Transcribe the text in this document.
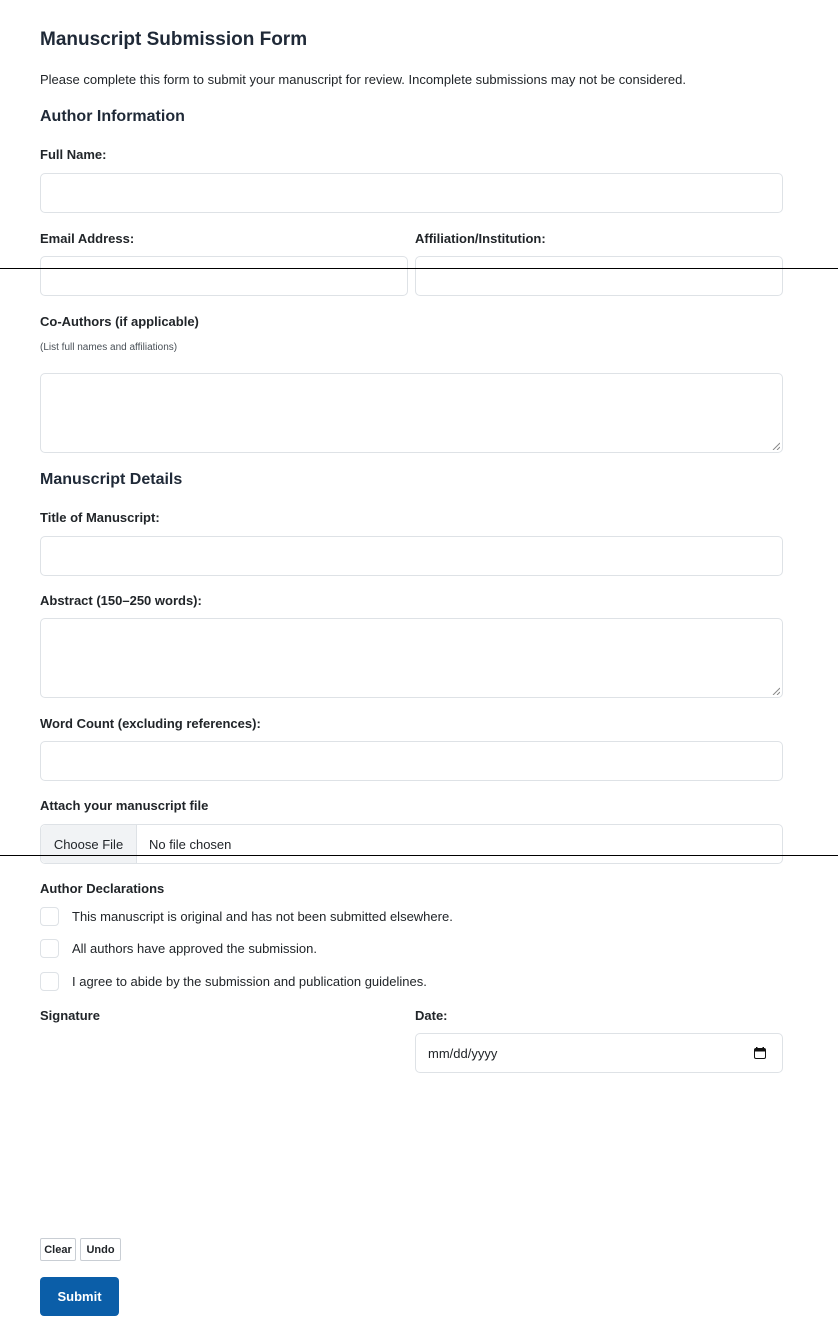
Manuscript Submission Form

Please complete this form to submit your manuscript for review. Incomplete submissions may not be considered.

Author Information
Full Name:
Email Address:	Affiliation/Institution:
Co-Authors (if applicable)
(List full names and affiliations)
Manuscript Details
Title of Manuscript:
Abstract (150–250 words):
Word Count (excluding references):
Attach your manuscript file
Choose File	No file chosen
Author Declarations
This manuscript is original and has not been submitted elsewhere.
All authors have approved the submission.
I agree to abide by the submission and publication guidelines.
Signature	Date:
mm/dd/yyyy
Clear	Undo
Submit
